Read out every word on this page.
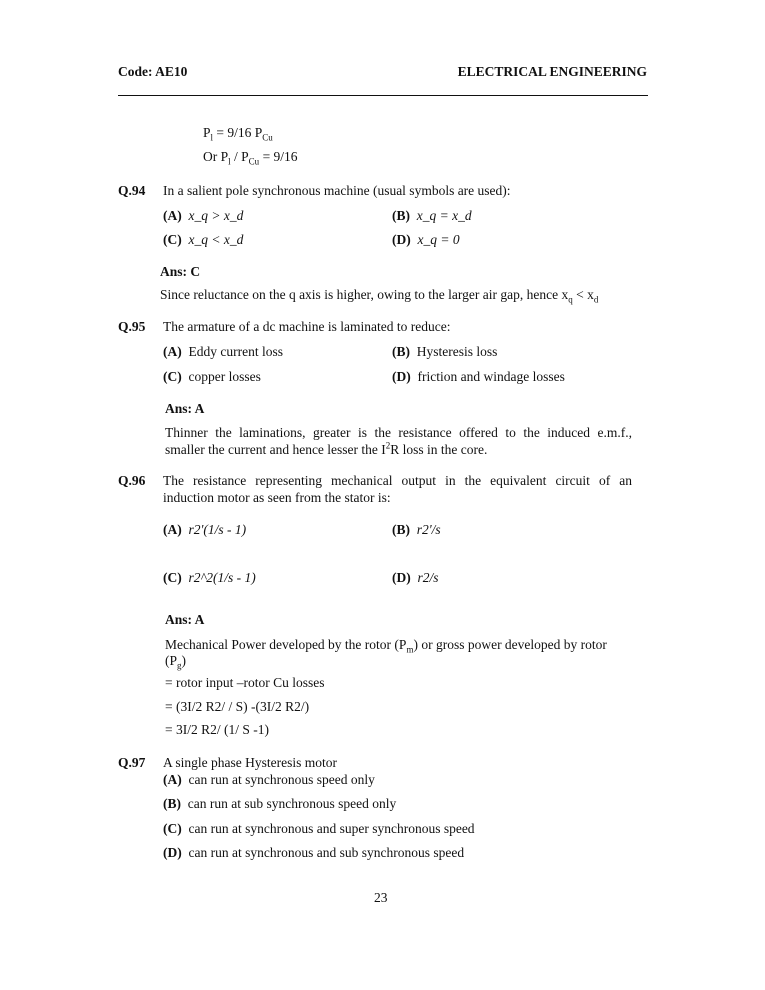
Code: AE10	ELECTRICAL ENGINEERING
$P_l = 9/16$ $P_{Cu}$
Or $P_l / P_{Cu} = 9/16$
Q.94 In a salient pole synchronous machine (usual symbols are used):
(A) x_q > x_d	(B) x_q = x_d
(C) x_q < x_d	(D) x_q = 0
Ans: C
Since reluctance on the q axis is higher, owing to the larger air gap, hence $x_q < x_d$
Q.95 The armature of a dc machine is laminated to reduce:
(A) Eddy current loss	(B) Hysteresis loss
(C) copper losses	(D) friction and windage losses
Ans: A
Thinner the laminations, greater is the resistance offered to the induced e.m.f.,
smaller the current and hence lesser the $I^2R$ loss in the core.
Q.96 The resistance representing mechanical output in the equivalent circuit of an
induction motor as seen from the stator is:
(A) r2'(1/s - 1)	(B) r2'/s
(C) r2^2(1/s - 1)	(D) r2/s
Ans: A
Mechanical Power developed by the rotor $(P_m)$ or gross power developed by rotor
$(P_g)$
= rotor input –rotor Cu losses
= (3I/2 R2/ / S) -(3I/2 R2/)
= 3I/2 R2/ (1/ S -1)
Q.97 A single phase Hysteresis motor
(A) can run at synchronous speed only
(B) can run at sub synchronous speed only
(C) can run at synchronous and super synchronous speed
(D) can run at synchronous and sub synchronous speed
23
